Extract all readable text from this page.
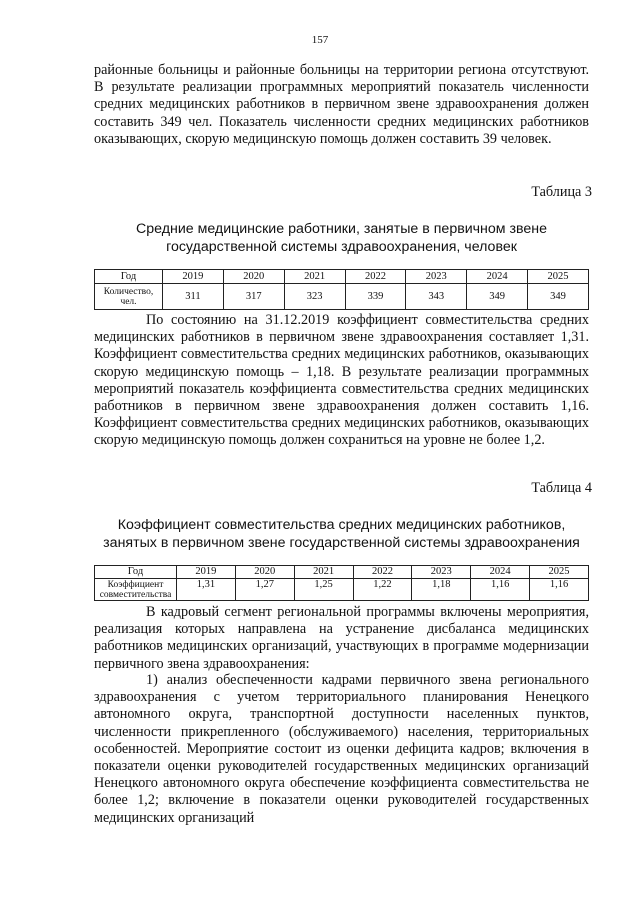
157

районные больницы и районные больницы на территории региона отсутствуют. В результате реализации программных мероприятий показатель численности средних медицинских работников в первичном звене здравоохранения должен составить 349 чел. Показатель численности средних медицинских работников оказывающих, скорую медицинскую помощь должен составить 39 человек.

Таблица 3
Средние медицинские работники, занятые в первичном звене
государственной системы здравоохранения, человек
Год	2019	2020	2021	2022	2023	2024	2025
Количество, чел.	311	317	323	339	343	349	349

По состоянию на 31.12.2019 коэффициент совместительства средних медицинских работников в первичном звене здравоохранения составляет 1,31. Коэффициент совместительства средних медицинских работников, оказывающих скорую медицинскую помощь – 1,18. В результате реализации программных мероприятий показатель коэффициента совместительства средних медицинских работников в первичном звене здравоохранения должен составить 1,16. Коэффициент совместительства средних медицинских работников, оказывающих скорую медицинскую помощь должен сохраниться на уровне не более 1,2.

Таблица 4
Коэффициент совместительства средних медицинских работников,
занятых в первичном звене государственной системы здравоохранения
Год	2019	2020	2021	2022	2023	2024	2025
Коэффициент совместительства	1,31	1,27	1,25	1,22	1,18	1,16	1,16

В кадровый сегмент региональной программы включены мероприятия, реализация которых направлена на устранение дисбаланса медицинских работников медицинских организаций, участвующих в программе модернизации первичного звена здравоохранения:

1) анализ обеспеченности кадрами первичного звена регионального здравоохранения с учетом территориального планирования Ненецкого автономного округа, транспортной доступности населенных пунктов, численности прикрепленного (обслуживаемого) населения, территориальных особенностей. Мероприятие состоит из оценки дефицита кадров; включения в показатели оценки руководителей государственных медицинских организаций Ненецкого автономного округа обеспечение коэффициента совместительства не более 1,2; включение в показатели оценки руководителей государственных медицинских организаций
